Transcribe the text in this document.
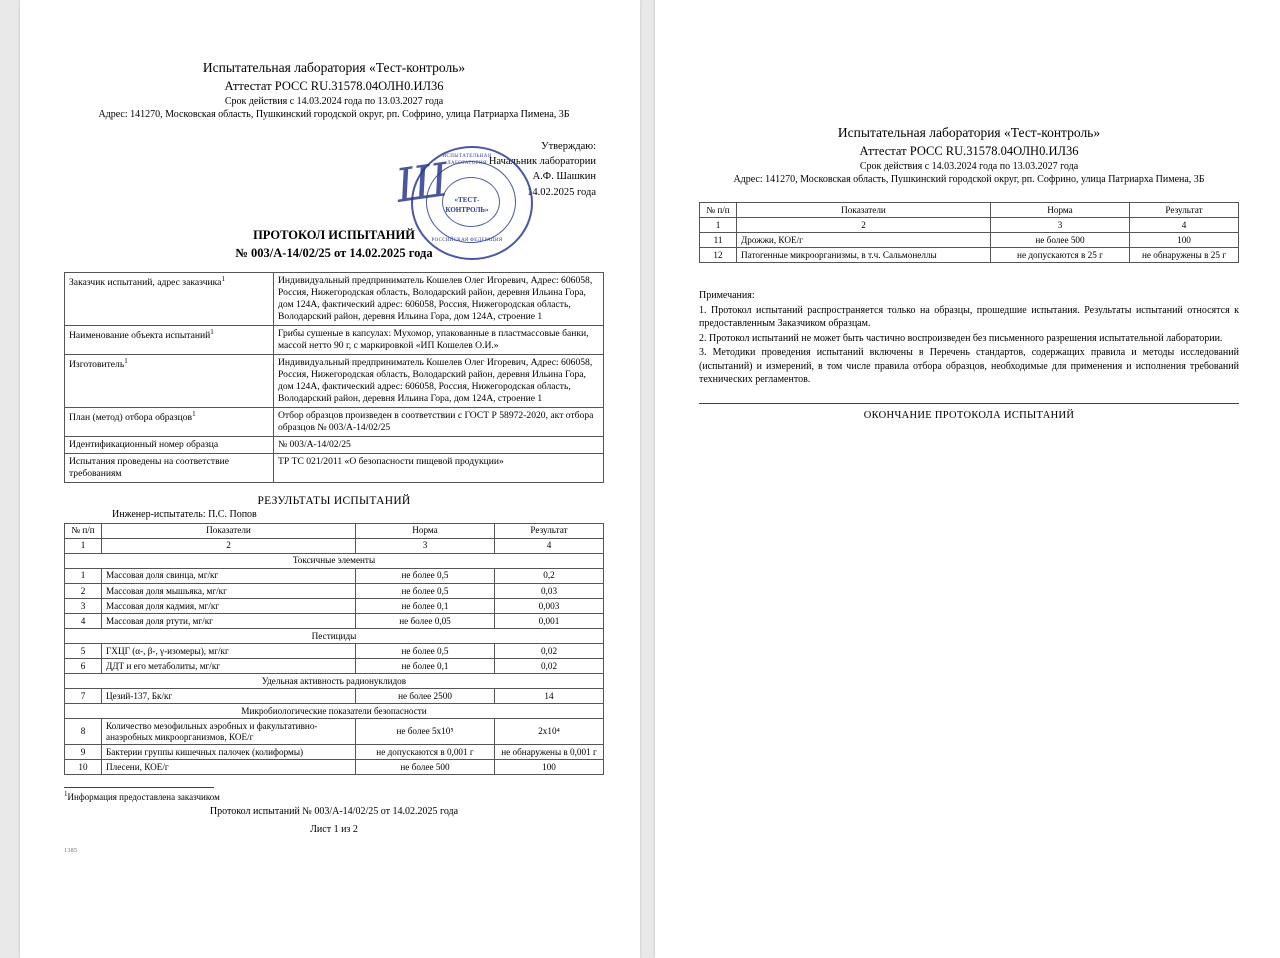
Испытательная лаборатория «Тест-контроль»
Аттестат РОСС RU.31578.04ОЛН0.ИЛ36
Срок действия с 14.03.2024 года по 13.03.2027 года
Адрес: 141270, Московская область, Пушкинский городской округ, рп. Софрино, улица Патриарха Пимена, 3Б
Утверждаю:
Начальник лаборатории
А.Ф. Шашкин
14.02.2025 года
ИСПЫТАТЕЛЬНАЯ ЛАБОРАТОРИЯ
«ТЕСТ-КОНТРОЛЬ»
РОССИЙСКАЯ ФЕДЕРАЦИЯ
Ш
ПРОТОКОЛ ИСПЫТАНИЙ
№ 003/А-14/02/25 от 14.02.2025 года
Заказчик испытаний, адрес заказчика$^1$	Индивидуальный предприниматель Кошелев Олег Игоревич, Адрес: 606058, Россия, Нижегородская область, Володарский район, деревня Ильина Гора, дом 124А, фактический адрес: 606058, Россия, Нижегородская область, Володарский район, деревня Ильина Гора, дом 124А, строение 1
Наименование объекта испытаний$^1$	Грибы сушеные в капсулах: Мухомор, упакованные в пластмассовые банки, массой нетто 90 г, с маркировкой «ИП Кошелев О.И.»
Изготовитель$^1$	Индивидуальный предприниматель Кошелев Олег Игоревич, Адрес: 606058, Россия, Нижегородская область, Володарский район, деревня Ильина Гора, дом 124А, фактический адрес: 606058, Россия, Нижегородская область, Володарский район, деревня Ильина Гора, дом 124А, строение 1
План (метод) отбора образцов$^1$	Отбор образцов произведен в соответствии с ГОСТ Р 58972-2020, акт отбора образцов № 003/А-14/02/25
Идентификационный номер образца	№ 003/А-14/02/25
Испытания проведены на соответствие требованиям	ТР ТС 021/2011 «О безопасности пищевой продукции»
РЕЗУЛЬТАТЫ ИСПЫТАНИЙ
Инженер-испытатель: П.С. Попов
№ п/п	Показатели	Норма	Результат
1	2	3	4
Токсичные элементы			
1	Массовая доля свинца, мг/кг	не более 0,5	0,2
2	Массовая доля мышьяка, мг/кг	не более 0,5	0,03
3	Массовая доля кадмия, мг/кг	не более 0,1	0,003
4	Массовая доля ртути, мг/кг	не более 0,05	0,001
Пестициды			
5	ГХЦГ (α-, β-, γ-изомеры), мг/кг	не более 0,5	0,02
6	ДДТ и его метаболиты, мг/кг	не более 0,1	0,02
Удельная активность радионуклидов			
7	Цезий-137, Бк/кг	не более 2500	14
Микробиологические показатели безопасности			
8	Количество мезофильных аэробных и факультативно-анаэробных микроорганизмов, КОЕ/г	не более 5х10⁵	2х10⁴
9	Бактерии группы кишечных палочек (колиформы)	не допускаются в 0,001 г	не обнаружены в 0,001 г
10	Плесени, КОЕ/г	не более 500	100
$^1$Информация предоставлена заказчиком
Протокол испытаний № 003/А-14/02/25 от 14.02.2025 года
Лист 1 из 2
1385
Испытательная лаборатория «Тест-контроль»
Аттестат РОСС RU.31578.04ОЛН0.ИЛ36
Срок действия с 14.03.2024 года по 13.03.2027 года
Адрес: 141270, Московская область, Пушкинский городской округ, рп. Софрино, улица Патриарха Пимена, 3Б
№ п/п	Показатели	Норма	Результат
1	2	3	4
11	Дрожжи, КОЕ/г	не более 500	100
12	Патогенные микроорганизмы, в т.ч. Сальмонеллы	не допускаются в 25 г	не обнаружены в 25 г

Примечания:

1. Протокол испытаний распространяется только на образцы, прошедшие испытания. Результаты испытаний относятся к предоставленным Заказчиком образцам.

2. Протокол испытаний не может быть частично воспроизведен без письменного разрешения испытательной лаборатории.

3. Методики проведения испытаний включены в Перечень стандартов, содержащих правила и методы исследований (испытаний) и измерений, в том числе правила отбора образцов, необходимые для применения и исполнения требований технических регламентов.

ОКОНЧАНИЕ ПРОТОКОЛА ИСПЫТАНИЙ
